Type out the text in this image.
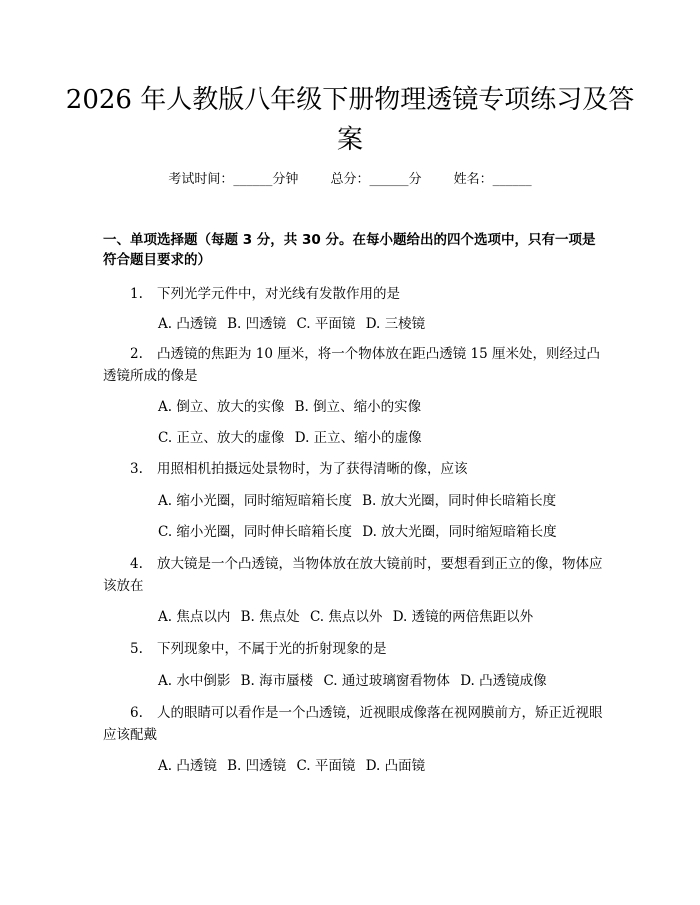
2026 年人教版八年级下册物理透镜专项练习及答案
考试时间：______分钟 总分：______分 姓名：______

一、单项选择题（每题 3 分，共 30 分。在每小题给出的四个选项中，只有一项是符合题目要求的）

1. 下列光学元件中，对光线有发散作用的是
A. 凸透镜 B. 凹透镜 C. 平面镜 D. 三棱镜
2. 凸透镜的焦距为 10 厘米，将一个物体放在距凸透镜 15 厘米处，则经过凸透镜所成的像是
A. 倒立、放大的实像 B. 倒立、缩小的实像
C. 正立、放大的虚像 D. 正立、缩小的虚像
3. 用照相机拍摄远处景物时，为了获得清晰的像，应该
A. 缩小光圈，同时缩短暗箱长度 B. 放大光圈，同时伸长暗箱长度
C. 缩小光圈，同时伸长暗箱长度 D. 放大光圈，同时缩短暗箱长度
4. 放大镜是一个凸透镜，当物体放在放大镜前时，要想看到正立的像，物体应该放在
A. 焦点以内 B. 焦点处 C. 焦点以外 D. 透镜的两倍焦距以外
5. 下列现象中，不属于光的折射现象的是
A. 水中倒影 B. 海市蜃楼 C. 通过玻璃窗看物体 D. 凸透镜成像
6. 人的眼睛可以看作是一个凸透镜，近视眼成像落在视网膜前方，矫正近视眼应该配戴
A. 凸透镜 B. 凹透镜 C. 平面镜 D. 凸面镜
